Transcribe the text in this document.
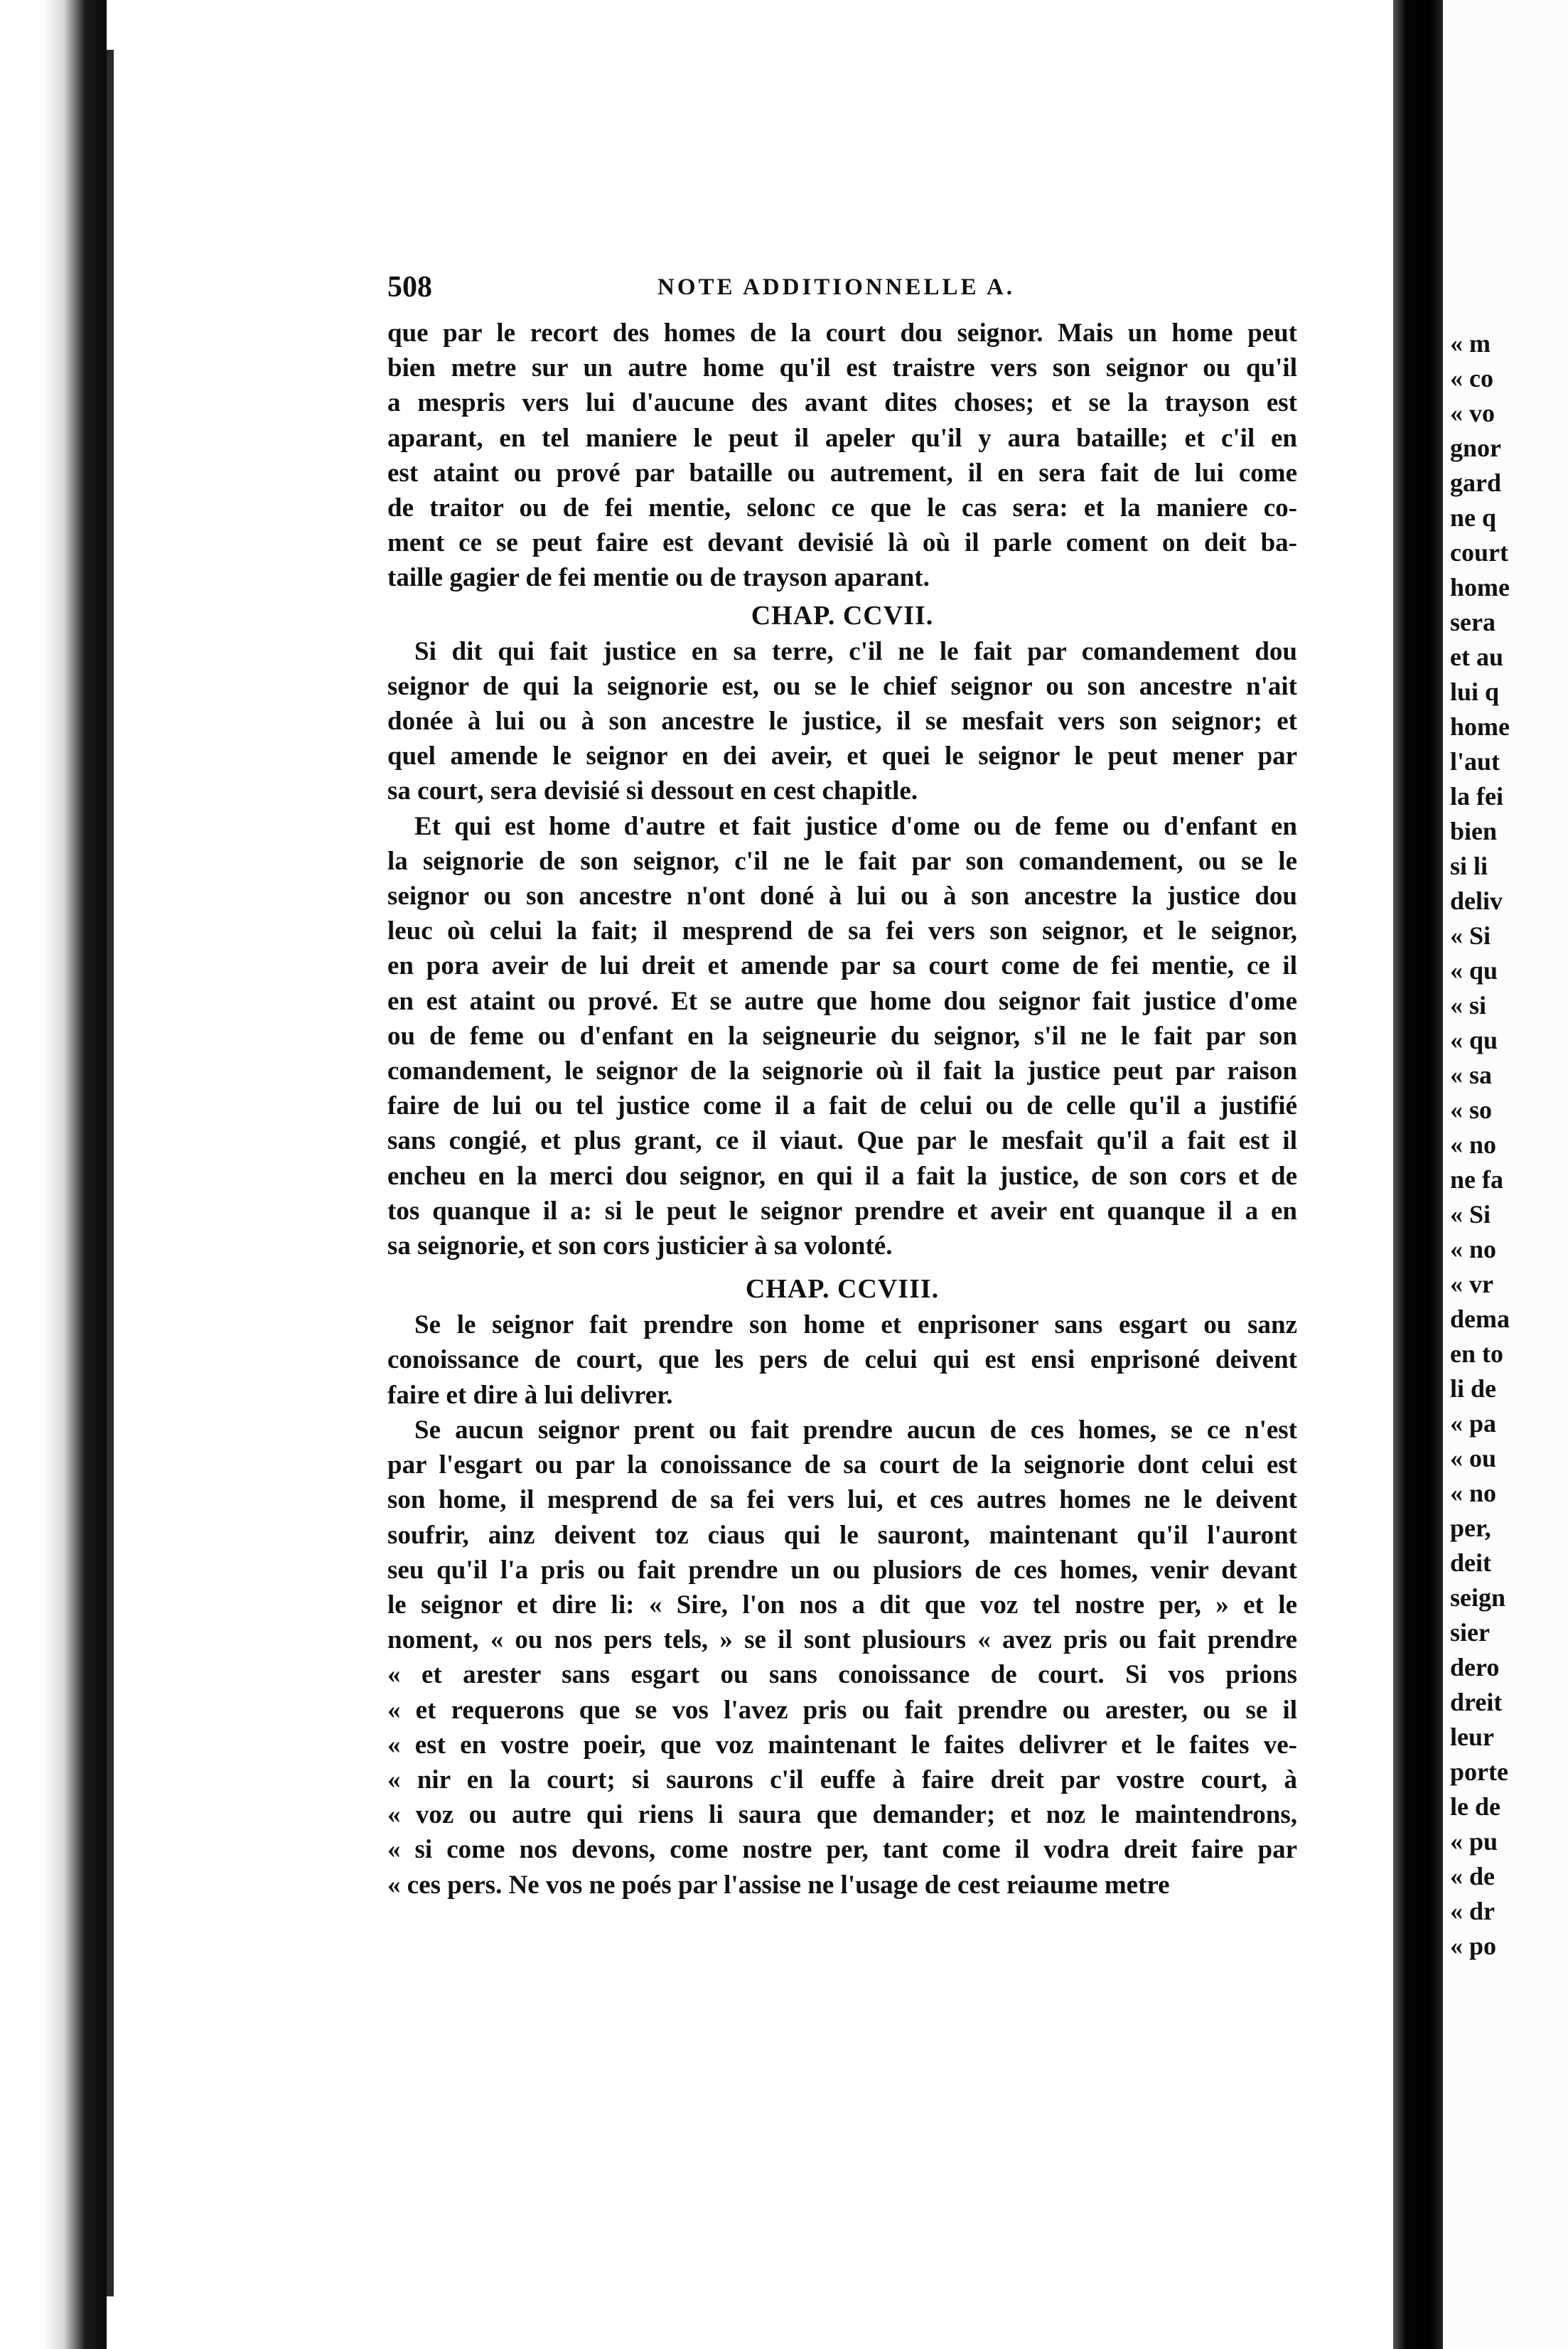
« m
« co
« vo
gnor
gard
ne q
court
home
sera
et au
lui q
home
l'aut
la fei
bien
si li
deliv
« Si
« qu
« si
« qu
« sa
« so
« no
ne fa
« Si
« no
« vr
dema
en to
li de
« pa
« ou
« no
per,
deit
seign
sier
dero
dreit
leur
porte
le de
« pu
« de
« dr
« po
508	NOTE ADDITIONNELLE A.
que par le recort des homes de la court dou seignor. Mais un home peut
bien metre sur un autre home qu'il est traistre vers son seignor ou qu'il
a mespris vers lui d'aucune des avant dites choses; et se la trayson est
aparant, en tel maniere le peut il apeler qu'il y aura bataille; et c'il en
est ataint ou prové par bataille ou autrement, il en sera fait de lui come
de traitor ou de fei mentie, selonc ce que le cas sera: et la maniere co-
ment ce se peut faire est devant devisié là où il parle coment on deit ba-
taille gagier de fei mentie ou de trayson aparant.
CHAP. CCVII.
Si dit qui fait justice en sa terre, c'il ne le fait par comandement dou
seignor de qui la seignorie est, ou se le chief seignor ou son ancestre n'ait
donée à lui ou à son ancestre le justice, il se mesfait vers son seignor; et
quel amende le seignor en dei aveir, et quei le seignor le peut mener par
sa court, sera devisié si dessout en cest chapitle.
Et qui est home d'autre et fait justice d'ome ou de feme ou d'enfant en
la seignorie de son seignor, c'il ne le fait par son comandement, ou se le
seignor ou son ancestre n'ont doné à lui ou à son ancestre la justice dou
leuc où celui la fait; il mesprend de sa fei vers son seignor, et le seignor,
en pora aveir de lui dreit et amende par sa court come de fei mentie, ce il
en est ataint ou prové. Et se autre que home dou seignor fait justice d'ome
ou de feme ou d'enfant en la seigneurie du seignor, s'il ne le fait par son
comandement, le seignor de la seignorie où il fait la justice peut par raison
faire de lui ou tel justice come il a fait de celui ou de celle qu'il a justifié
sans congié, et plus grant, ce il viaut. Que par le mesfait qu'il a fait est il
encheu en la merci dou seignor, en qui il a fait la justice, de son cors et de
tos quanque il a: si le peut le seignor prendre et aveir ent quanque il a en
sa seignorie, et son cors justicier à sa volonté.
CHAP. CCVIII.
Se le seignor fait prendre son home et enprisoner sans esgart ou sanz
conoissance de court, que les pers de celui qui est ensi enprisoné deivent
faire et dire à lui delivrer.
Se aucun seignor prent ou fait prendre aucun de ces homes, se ce n'est
par l'esgart ou par la conoissance de sa court de la seignorie dont celui est
son home, il mesprend de sa fei vers lui, et ces autres homes ne le deivent
soufrir, ainz deivent toz ciaus qui le sauront, maintenant qu'il l'auront
seu qu'il l'a pris ou fait prendre un ou plusiors de ces homes, venir devant
le seignor et dire li: « Sire, l'on nos a dit que voz tel nostre per, » et le
noment, « ou nos pers tels, » se il sont plusiours « avez pris ou fait prendre
« et arester sans esgart ou sans conoissance de court. Si vos prions
« et requerons que se vos l'avez pris ou fait prendre ou arester, ou se il
« est en vostre poeir, que voz maintenant le faites delivrer et le faites ve-
« nir en la court; si saurons c'il euffe à faire dreit par vostre court, à
« voz ou autre qui riens li saura que demander; et noz le maintendrons,
« si come nos devons, come nostre per, tant come il vodra dreit faire par
« ces pers. Ne vos ne poés par l'assise ne l'usage de cest reiaume metre
